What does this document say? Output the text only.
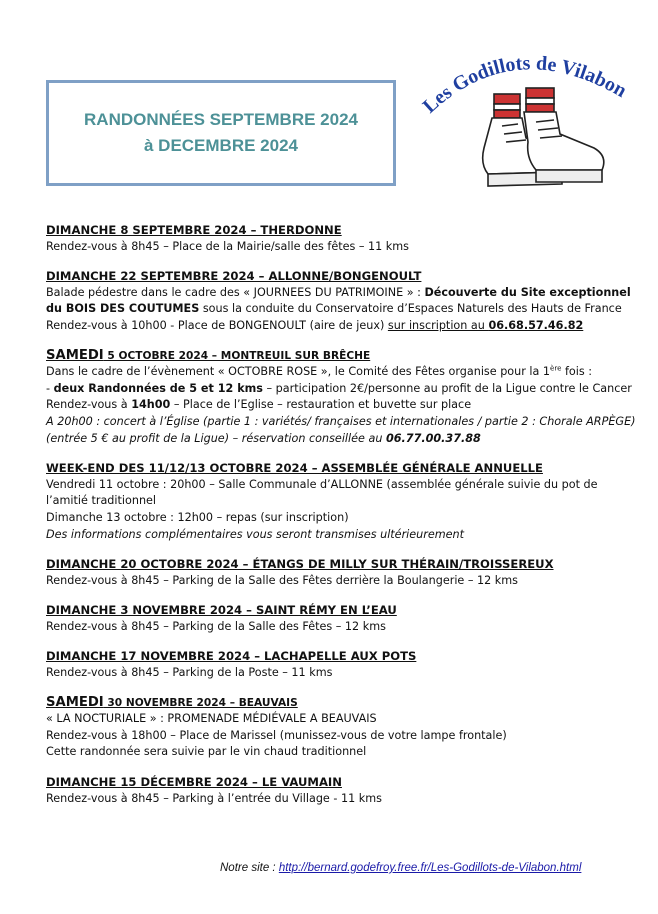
RANDONNÉES SEPTEMBRE 2024
à DECEMBRE 2024
Les Godillots de Vilabon
DIMANCHE 8 SEPTEMBRE 2024 – THERDONNE
Rendez-vous à 8h45 – Place de la Mairie/salle des fêtes – 11 kms
DIMANCHE 22 SEPTEMBRE 2024 – ALLONNE/BONGENOULT
Balade pédestre dans le cadre des « JOURNEES DU PATRIMOINE » : Découverte du Site exceptionnel
du BOIS DES COUTUMES sous la conduite du Conservatoire d’Espaces Naturels des Hauts de France
Rendez-vous à 10h00 - Place de BONGENOULT (aire de jeux) sur inscription au 06.68.57.46.82
SAMEDI 5 OCTOBRE 2024 – MONTREUIL SUR BRÊCHE
Dans le cadre de l’évènement « OCTOBRE ROSE », le Comité des Fêtes organise pour la 1ère fois :
- deux Randonnées de 5 et 12 kms – participation 2€/personne au profit de la Ligue contre le Cancer
Rendez-vous à 14h00 – Place de l’Eglise – restauration et buvette sur place
A 20h00 : concert à l’Église (partie 1 : variétés/ françaises et internationales / partie 2 : Chorale ARPÈGE)
(entrée 5 € au profit de la Ligue) – réservation conseillée au 06.77.00.37.88
WEEK-END DES 11/12/13 OCTOBRE 2024 – ASSEMBLÉE GÉNÉRALE ANNUELLE
Vendredi 11 octobre : 20h00 – Salle Communale d’ALLONNE (assemblée générale suivie du pot de l’amitié traditionnel
Dimanche 13 octobre : 12h00 – repas (sur inscription)
Des informations complémentaires vous seront transmises ultérieurement
DIMANCHE 20 OCTOBRE 2024 – ÉTANGS DE MILLY SUR THÉRAIN/TROISSEREUX
Rendez-vous à 8h45 – Parking de la Salle des Fêtes derrière la Boulangerie – 12 kms
DIMANCHE 3 NOVEMBRE 2024 – SAINT RÉMY EN L’EAU
Rendez-vous à 8h45 – Parking de la Salle des Fêtes – 12 kms
DIMANCHE 17 NOVEMBRE 2024 – LACHAPELLE AUX POTS
Rendez-vous à 8h45 – Parking de la Poste – 11 kms
SAMEDI 30 NOVEMBRE 2024 – BEAUVAIS
« LA NOCTURIALE » : PROMENADE MÉDIÉVALE A BEAUVAIS
Rendez-vous à 18h00 – Place de Marissel (munissez-vous de votre lampe frontale)
Cette randonnée sera suivie par le vin chaud traditionnel
DIMANCHE 15 DÉCEMBRE 2024 – LE VAUMAIN
Rendez-vous à 8h45 – Parking à l’entrée du Village - 11 kms
Notre site : http://bernard.godefroy.free.fr/Les-Godillots-de-Vilabon.html
